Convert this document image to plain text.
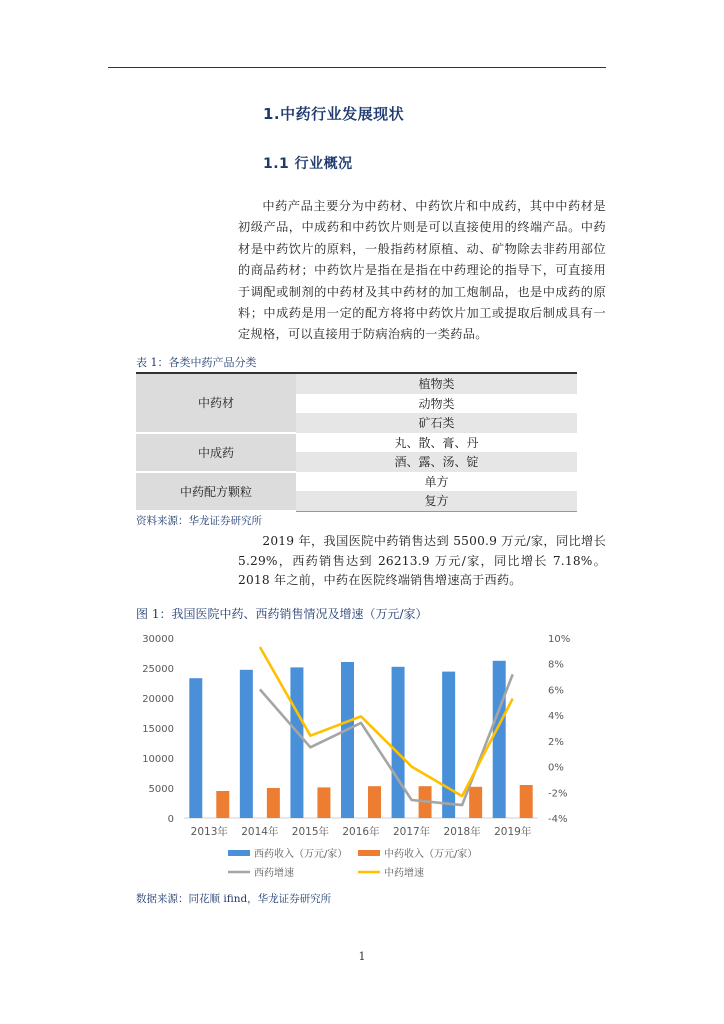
1.中药行业发展现状
1.1 行业概况

中药产品主要分为中药材、中药饮片和中成药，其中中药材是初级产品，中成药和中药饮片则是可以直接使用的终端产品。中药材是中药饮片的原料，一般指药材原植、动、矿物除去非药用部位的商品药材；中药饮片是指在是指在中药理论的指导下，可直接用于调配或制剂的中药材及其中药材的加工炮制品，也是中成药的原料；中成药是用一定的配方将将中药饮片加工或提取后制成具有一定规格，可以直接用于防病治病的一类药品。

表 1：各类中药产品分类
中药材	植物类
	动物类
	矿石类
中成药	丸、散、膏、丹
	酒、露、汤、锭
中药配方颗粒	单方
	复方
资料来源：华龙证券研究所

2019 年，我国医院中药销售达到 5500.9 万元/家，同比增长 5.29%，西药销售达到 26213.9 万元/家，同比增长 7.18%。2018 年之前，中药在医院终端销售增速高于西药。

图 1：我国医院中药、西药销售情况及增速（万元/家）
0
5000
10000
15000
20000
25000
30000
-4%
-2%
0%
2%
4%
6%
8%
10%
2013年 2014年 2015年 2016年 2017年 2018年 2019年
西药收入（万元/家）	中药收入（万元/家）
西药增速	中药增速
数据来源：同花顺 ifind，华龙证券研究所
1
